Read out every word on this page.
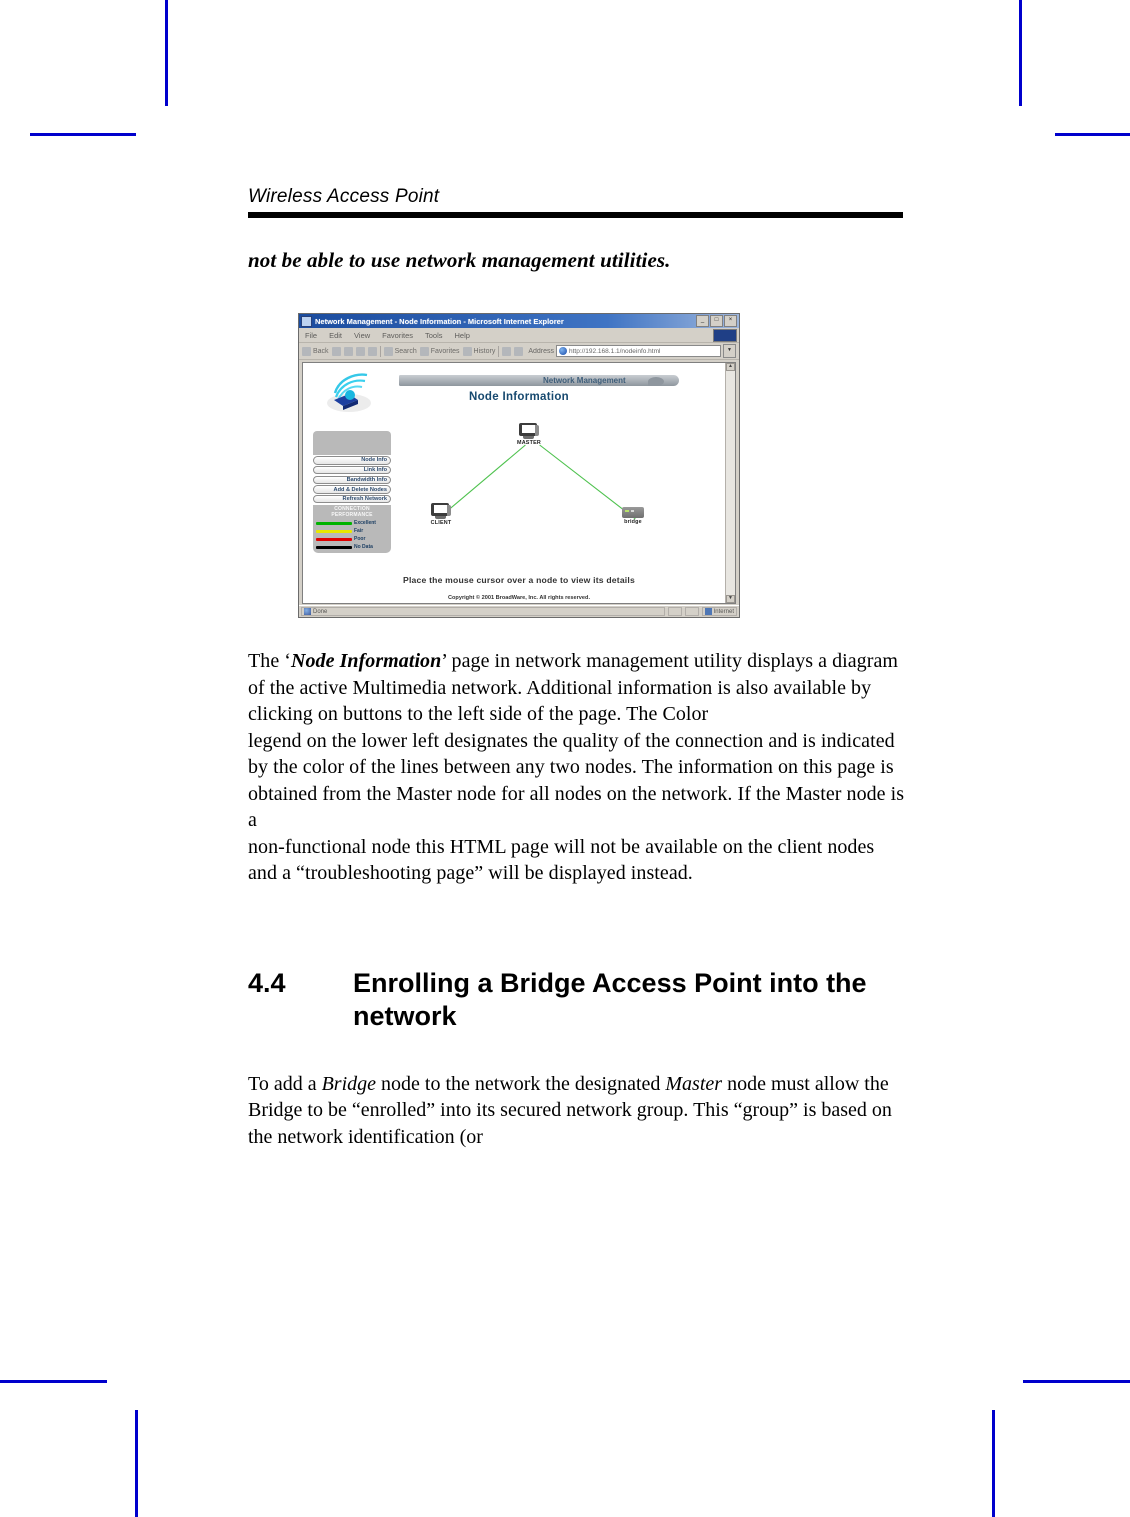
Wireless Access Point
not be able to use network management utilities.
Network Management - Node Information - Microsoft Internet Explorer	_	□	×
File	Edit	View	Favorites	Tools	Help
Back	Search Favorites History	Address http://192.168.1.1/nodeinfo.html	▼
Network Management
Node Information
Node Info
Link Info
Bandwidth Info
Add & Delete Nodes
Refresh Network
CONNECTION PERFORMANCE
Excellent
Fair
Poor
No Data
MASTER
CLIENT	bridge
Place the mouse cursor over a node to view its details
Copyright © 2001 BroadWare, Inc. All rights reserved.
▲
▼
Done	Internet

The ‘Node Information’ page in network management utility displays a diagram of the active Multimedia network. Additional information is also available by clicking on buttons to the left side of the page. The Color
legend on the lower left designates the quality of the connection and is indicated by the color of the lines between any two nodes. The information on this page is obtained from the Master node for all nodes on the network. If the Master node is a
non-functional node this HTML page will not be available on the client nodes and a “troubleshooting page” will be displayed instead.

4.4	Enrolling a Bridge Access Point into the network

To add a Bridge node to the network the designated Master node must allow the Bridge to be “enrolled” into its secured network group. This “group” is based on the network identification (or
